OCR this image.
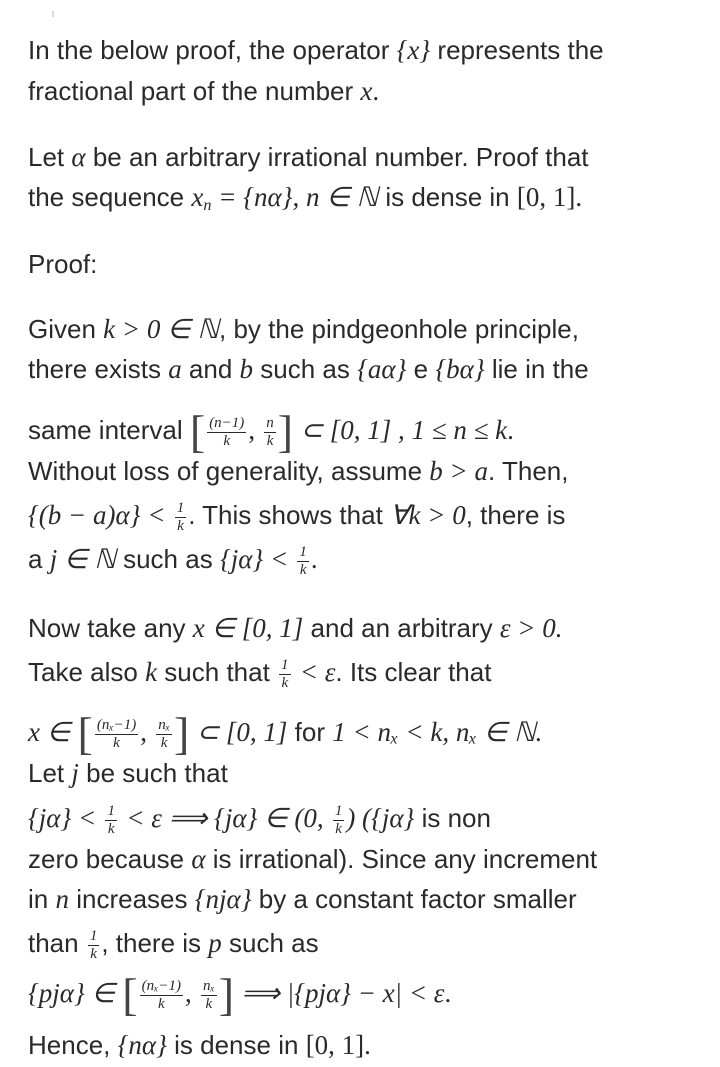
In the below proof, the operator {x} represents the
fractional part of the number x.
Let α be an arbitrary irrational number. Proof that
the sequence $x_n = \{n\alpha\}$, n ∈ ℕ is dense in [0, 1].
Proof:
Given k > 0 ∈ ℕ, by the pindgeonhole principle,
there exists a and b such as {aα} e {bα} lie in the
same interval [ $\frac{(n-1)}{k}$ , $\frac{n}{k}$ ] ⊂ [0, 1] , 1 ≤ n ≤ k.
Without loss of generality, assume b > a. Then,
$\{(b - a)\alpha\} < \frac{1}{k}$ . This shows that ∀k > 0, there is
a j ∈ ℕ such as $\{j\alpha\} < \frac{1}{k}$ .
Now take any x ∈ [0, 1] and an arbitrary ε > 0.
Take also k such that $\frac{1}{k} < \varepsilon$. Its clear that
x ∈ [ $\frac{\text{(nₓ−1)}}{k}$ , $\frac{\text{nₓ}}{k}$ ] ⊂ [0, 1] for 1 < nₓ < k, nₓ ∈ ℕ.
Let j be such that
$\{j\alpha\} < \frac{1}{k} < \varepsilon$ ⟹ {jα} ∈ (0, $\frac{1}{k}$ ) ({jα} is non
zero because α is irrational). Since any increment
in n increases {njα} by a constant factor smaller
than $\frac{1}{k}$ , there is p such as
{pjα} ∈ [ $\frac{\text{(nₓ−1)}}{k}$ , $\frac{\text{nₓ}}{k}$ ] ⟹ |{pjα} − x| < ε.
Hence, {nα} is dense in [0, 1].
